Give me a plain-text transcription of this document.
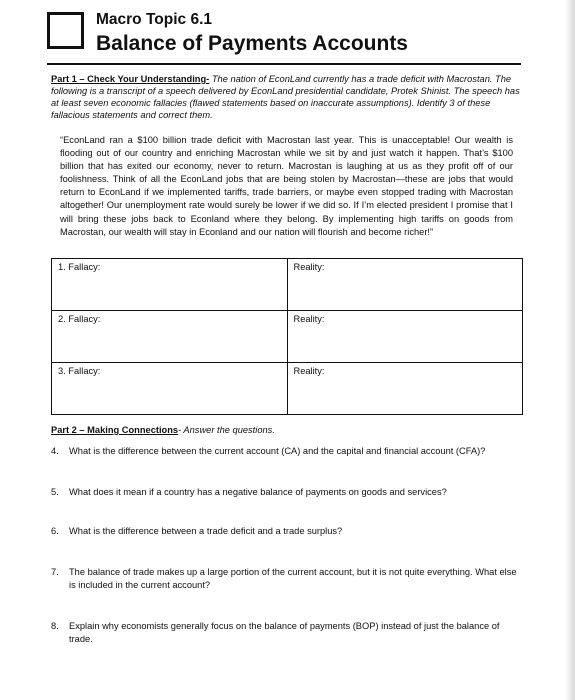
Macro Topic 6.1
Balance of Payments Accounts
Part 1 – Check Your Understanding- The nation of EconLand currently has a trade deficit with Macrostan. The following is a transcript of a speech delivered by EconLand presidential candidate, Protek Shinist. The speech has at least seven economic fallacies (flawed statements based on inaccurate assumptions). Identify 3 of these fallacious statements and correct them.
“EconLand ran a $100 billion trade deficit with Macrostan last year. This is unacceptable! Our wealth is flooding out of our country and enriching Macrostan while we sit by and just watch it happen. That’s $100 billion that has exited our economy, never to return. Macrostan is laughing at us as they profit off of our foolishness. Think of all the EconLand jobs that are being stolen by Macrostan—these are jobs that would return to EconLand if we implemented tariffs, trade barriers, or maybe even stopped trading with Macrostan altogether! Our unemployment rate would surely be lower if we did so. If I’m elected president I promise that I will bring these jobs back to Econland where they belong. By implementing high tariffs on goods from Macrostan, our wealth will stay in Econland and our nation will flourish and become richer!”
1. Fallacy:	Reality:
2. Fallacy:	Reality:
3. Fallacy:	Reality:
Part 2 – Making Connections- Answer the questions.
4. What is the difference between the current account (CA) and the capital and financial account (CFA)?
5. What does it mean if a country has a negative balance of payments on goods and services?
6. What is the difference between a trade deficit and a trade surplus?
7. The balance of trade makes up a large portion of the current account, but it is not quite everything. What else is included in the current account?
8. Explain why economists generally focus on the balance of payments (BOP) instead of just the balance of trade.
